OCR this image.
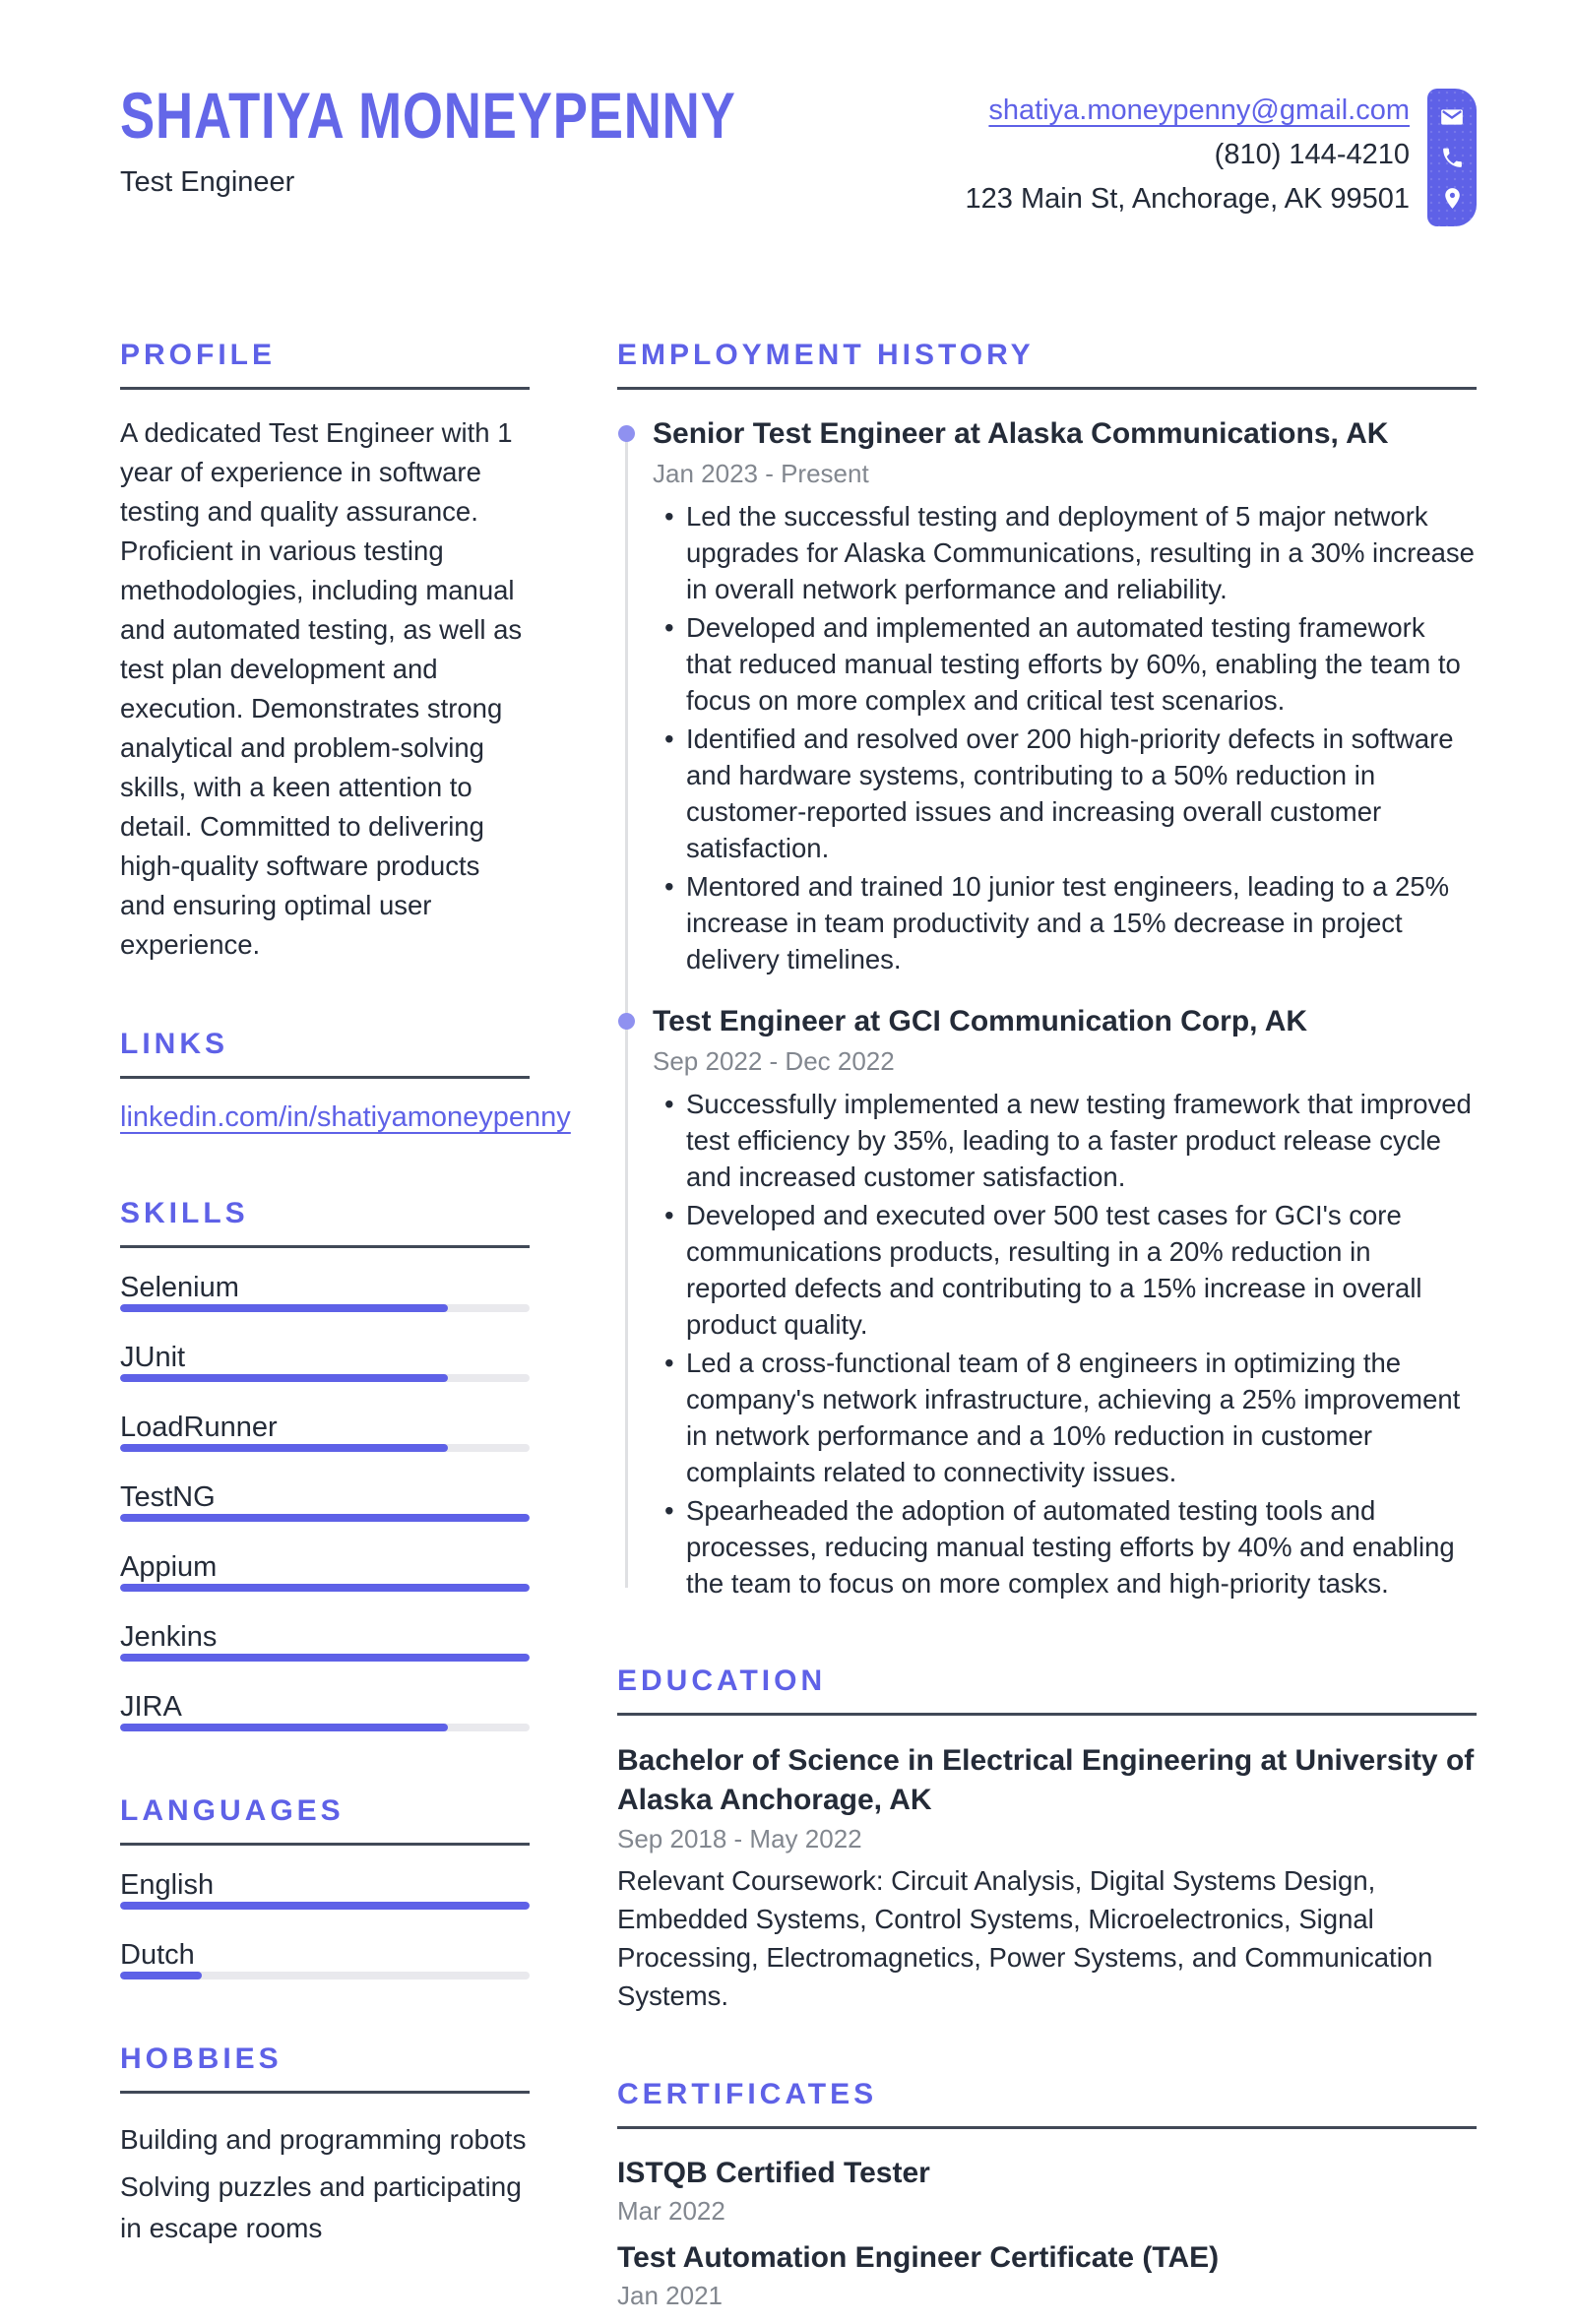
SHATIYA MONEYPENNY
Test Engineer
shatiya.moneypenny@gmail.com
(810) 144-4210
123 Main St, Anchorage, AK 99501
PROFILE

A dedicated Test Engineer with 1 year of experience in software testing and quality assurance. Proficient in various testing methodologies, including manual and automated testing, as well as test plan development and execution. Demonstrates strong analytical and problem-solving skills, with a keen attention to detail. Committed to delivering high-quality software products and ensuring optimal user experience.

LINKS
linkedin.com/in/shatiyamoneypenny
SKILLS
Selenium
JUnit
LoadRunner
TestNG
Appium
Jenkins
JIRA
LANGUAGES
English
Dutch
HOBBIES
Building and programming robots
Solving puzzles and participating in escape rooms
EMPLOYMENT HISTORY
Senior Test Engineer at Alaska Communications, AK
Jan 2023 - Present
• Led the successful testing and deployment of 5 major network upgrades for Alaska Communications, resulting in a 30% increase in overall network performance and reliability.
• Developed and implemented an automated testing framework that reduced manual testing efforts by 60%, enabling the team to focus on more complex and critical test scenarios.
• Identified and resolved over 200 high-priority defects in software and hardware systems, contributing to a 50% reduction in customer-reported issues and increasing overall customer satisfaction.
• Mentored and trained 10 junior test engineers, leading to a 25% increase in team productivity and a 15% decrease in project delivery timelines.
Test Engineer at GCI Communication Corp, AK
Sep 2022 - Dec 2022
• Successfully implemented a new testing framework that improved test efficiency by 35%, leading to a faster product release cycle and increased customer satisfaction.
• Developed and executed over 500 test cases for GCI's core communications products, resulting in a 20% reduction in reported defects and contributing to a 15% increase in overall product quality.
• Led a cross-functional team of 8 engineers in optimizing the company's network infrastructure, achieving a 25% improvement in network performance and a 10% reduction in customer complaints related to connectivity issues.
• Spearheaded the adoption of automated testing tools and processes, reducing manual testing efforts by 40% and enabling the team to focus on more complex and high-priority tasks.
EDUCATION
Bachelor of Science in Electrical Engineering at University of Alaska Anchorage, AK
Sep 2018 - May 2022

Relevant Coursework: Circuit Analysis, Digital Systems Design, Embedded Systems, Control Systems, Microelectronics, Signal Processing, Electromagnetics, Power Systems, and Communication Systems.

CERTIFICATES
ISTQB Certified Tester
Mar 2022
Test Automation Engineer Certificate (TAE)
Jan 2021
